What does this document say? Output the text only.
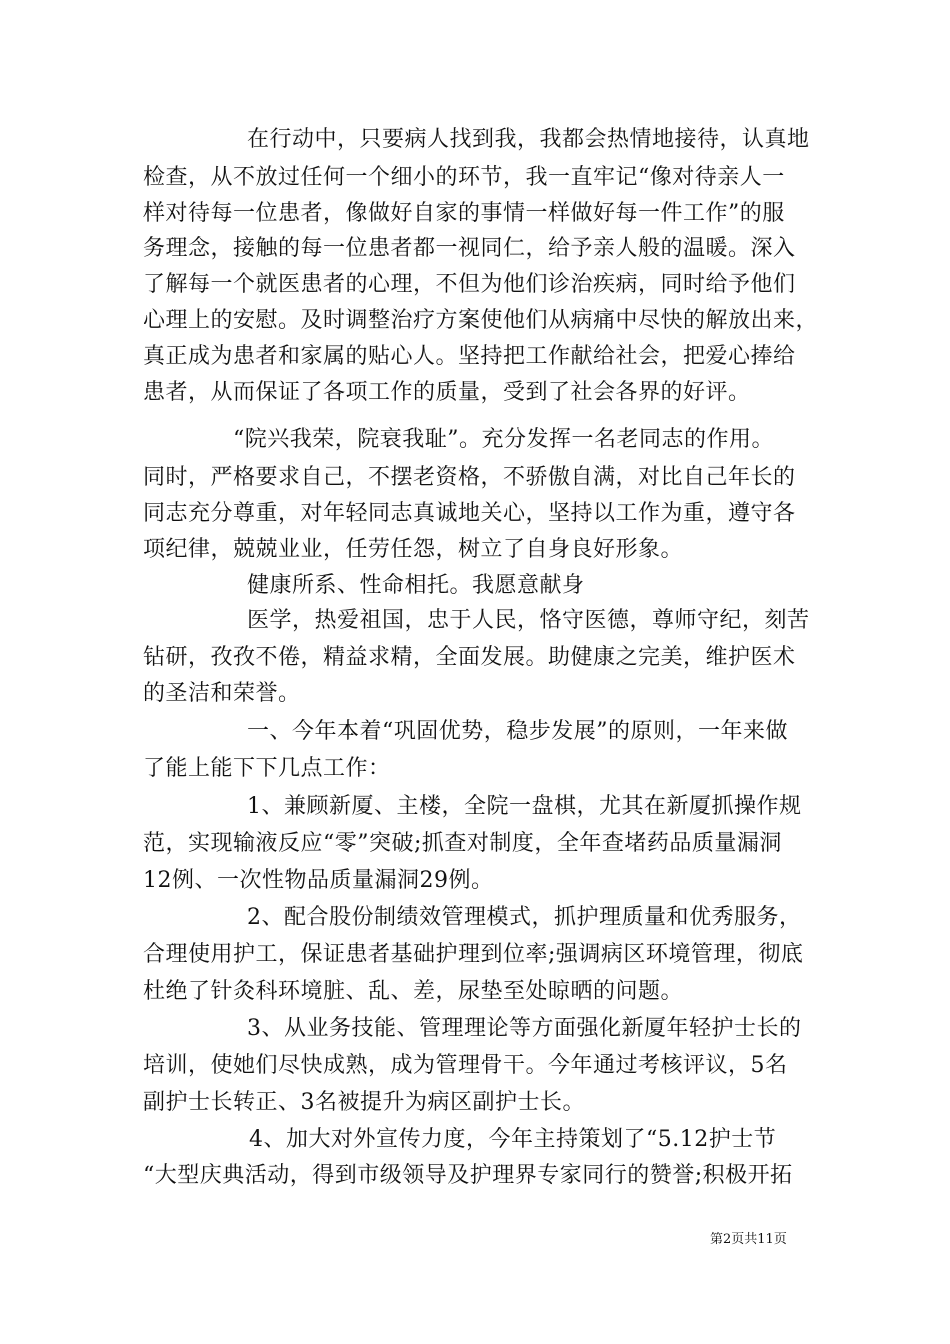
在行动中，只要病人找到我，我都会热情地接待，认真地
检查，从不放过任何一个细小的环节，我一直牢记“像对待亲人一
样对待每一位患者，像做好自家的事情一样做好每一件工作”的服
务理念，接触的每一位患者都一视同仁，给予亲人般的温暖。深入
了解每一个就医患者的心理，不但为他们诊治疾病，同时给予他们
心理上的安慰。及时调整治疗方案使他们从病痛中尽快的解放出来，
真正成为患者和家属的贴心人。坚持把工作献给社会，把爱心捧给
患者，从而保证了各项工作的质量，受到了社会各界的好评。
“院兴我荣，院衰我耻”。充分发挥一名老同志的作用。
同时，严格要求自己，不摆老资格，不骄傲自满，对比自己年长的
同志充分尊重，对年轻同志真诚地关心，坚持以工作为重，遵守各
项纪律，兢兢业业，任劳任怨，树立了自身良好形象。
健康所系、性命相托。我愿意献身
医学，热爱祖国，忠于人民，恪守医德，尊师守纪，刻苦
钻研，孜孜不倦，精益求精，全面发展。助健康之完美，维护医术
的圣洁和荣誉。
一、今年本着“巩固优势，稳步发展”的原则，一年来做
了能上能下下几点工作：
1、兼顾新厦、主楼，全院一盘棋，尤其在新厦抓操作规
范，实现输液反应“零”突破;抓查对制度，全年查堵药品质量漏洞
12例、一次性物品质量漏洞29例。
2、配合股份制绩效管理模式，抓护理质量和优秀服务，
合理使用护工，保证患者基础护理到位率;强调病区环境管理，彻底
杜绝了针灸科环境脏、乱、差，尿垫至处晾晒的问题。
3、从业务技能、管理理论等方面强化新厦年轻护士长的
培训，使她们尽快成熟，成为管理骨干。今年通过考核评议，5名
副护士长转正、3名被提升为病区副护士长。
4、加大对外宣传力度，今年主持策划了“5.12护士节
“大型庆典活动，得到市级领导及护理界专家同行的赞誉;积极开拓
第2页共11页
